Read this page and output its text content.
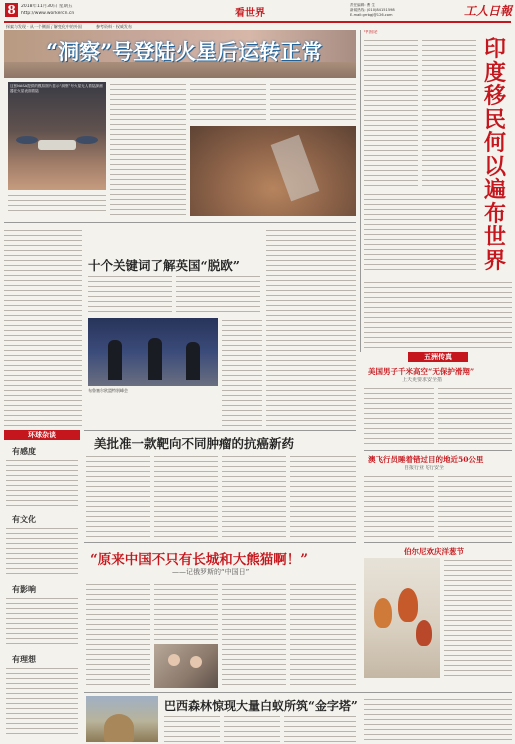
8	2018年11月30日 星期五
http://www.workercn.cn	看世界
责任编辑: 曹 生
新闻热线: (010)84151598
E-mail:grrbgj@126.com	工人日報
探索与发现 · 从一个侧面了解变化中的外国	参考资料 · 权威发布
“洞察”号登陆火星后运转正常
这张NASA提供的模拟图片显示“洞察”号火星无人着陆探测器在火星表面着陆
中国论
印
度
移
民
何
以
遍
布
世
界
环球杂谈
有感度
有文化
有影响
有理想
十个关键词了解英国“脱欧”
布鲁塞尔欧盟特别峰会
美批准一款靶向不同肿瘤的抗癌新药
“原来中国不只有长城和大熊猫啊！”
——记俄罗斯的“中国日”
五洲传真
美国男子千米高空“无保护滑翔”
上天更要求安全措
澳飞行员睡着错过目的地近50公里
自报行业飞行安全
伯尔尼欢庆洋葱节
巴西森林惊现大量白蚁所筑“金字塔”
